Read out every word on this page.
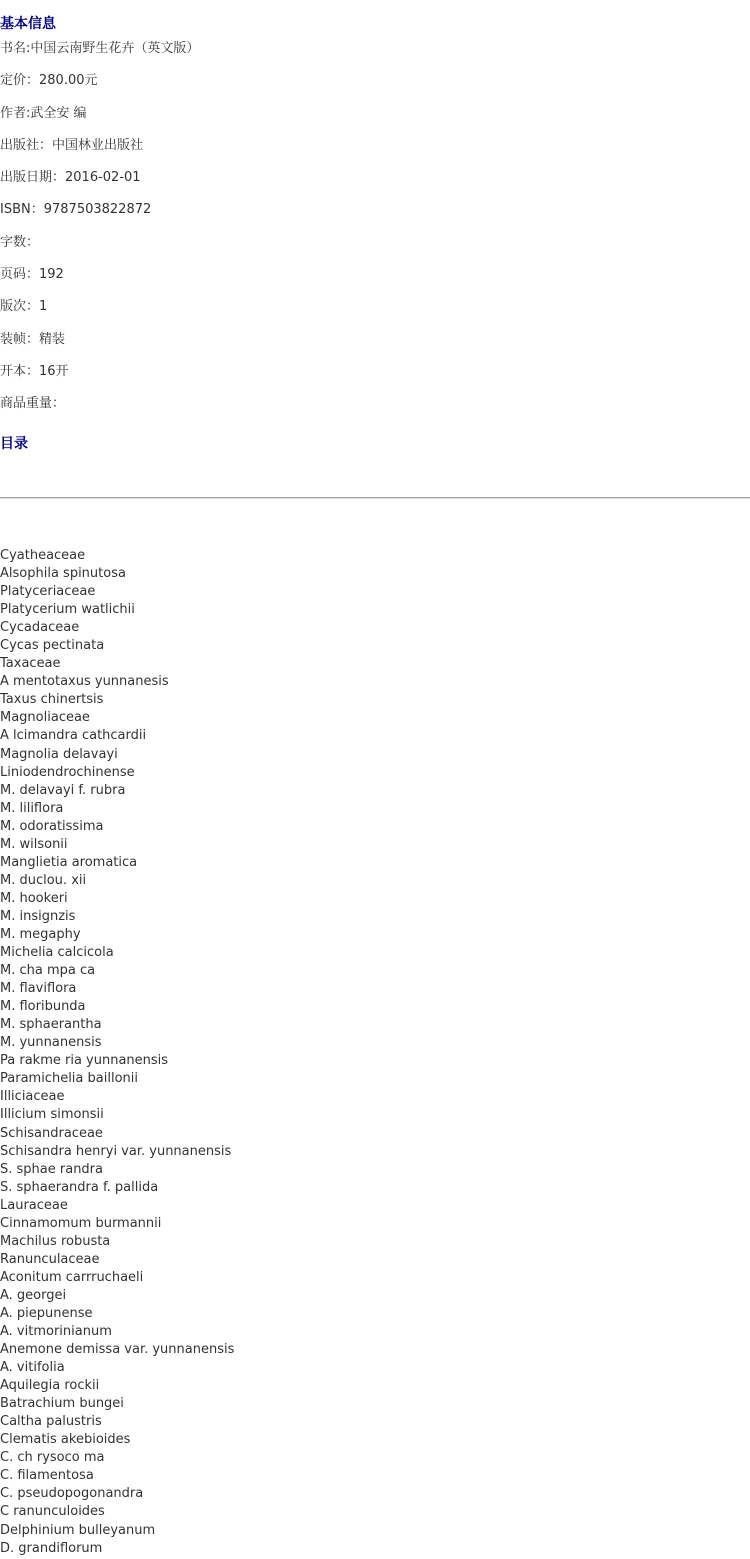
基本信息
书名:中国云南野生花卉（英文版）
定价：280.00元
作者:武全安 编
出版社：中国林业出版社
出版日期：2016-02-01
ISBN：9787503822872
字数：
页码：192
版次：1
装帧：精装
开本：16开
商品重量：
目录
Cyatheaceae
Alsophila spinutosa
Platyceriaceae
Platycerium watlichii
Cycadaceae
Cycas pectinata
Taxaceae
A mentotaxus yunnanesis
Taxus chinertsis
Magnoliaceae
A lcimandra cathcardii
Magnolia delavayi
Liniodendrochinense
M. delavayi f. rubra
M. liliflora
M. odoratissima
M. wilsonii
Manglietia aromatica
M. duclou. xii
M. hookeri
M. insignzis
M. megaphy
Michelia calcicola
M. cha mpa ca
M. flaviflora
M. floribunda
M. sphaerantha
M. yunnanensis
Pa rakme ria yunnanensis
Paramichelia baillonii
Illiciaceae
Illicium simonsii
Schisandraceae
Schisandra henryi var. yunnanensis
S. sphae randra
S. sphaerandra f. pallida
Lauraceae
Cinnamomum burmannii
Machilus robusta
Ranunculaceae
Aconitum carrruchaeli
A. georgei
A. piepunense
A. vitmorinianum
Anemone demissa var. yunnanensis
A. vitifolia
Aquilegia rockii
Batrachium bungei
Caltha palustris
Clematis akebioides
C. ch rysoco ma
C. filamentosa
C. pseudopogonandra
C ranunculoides
Delphinium bulleyanum
D. grandiflorum
